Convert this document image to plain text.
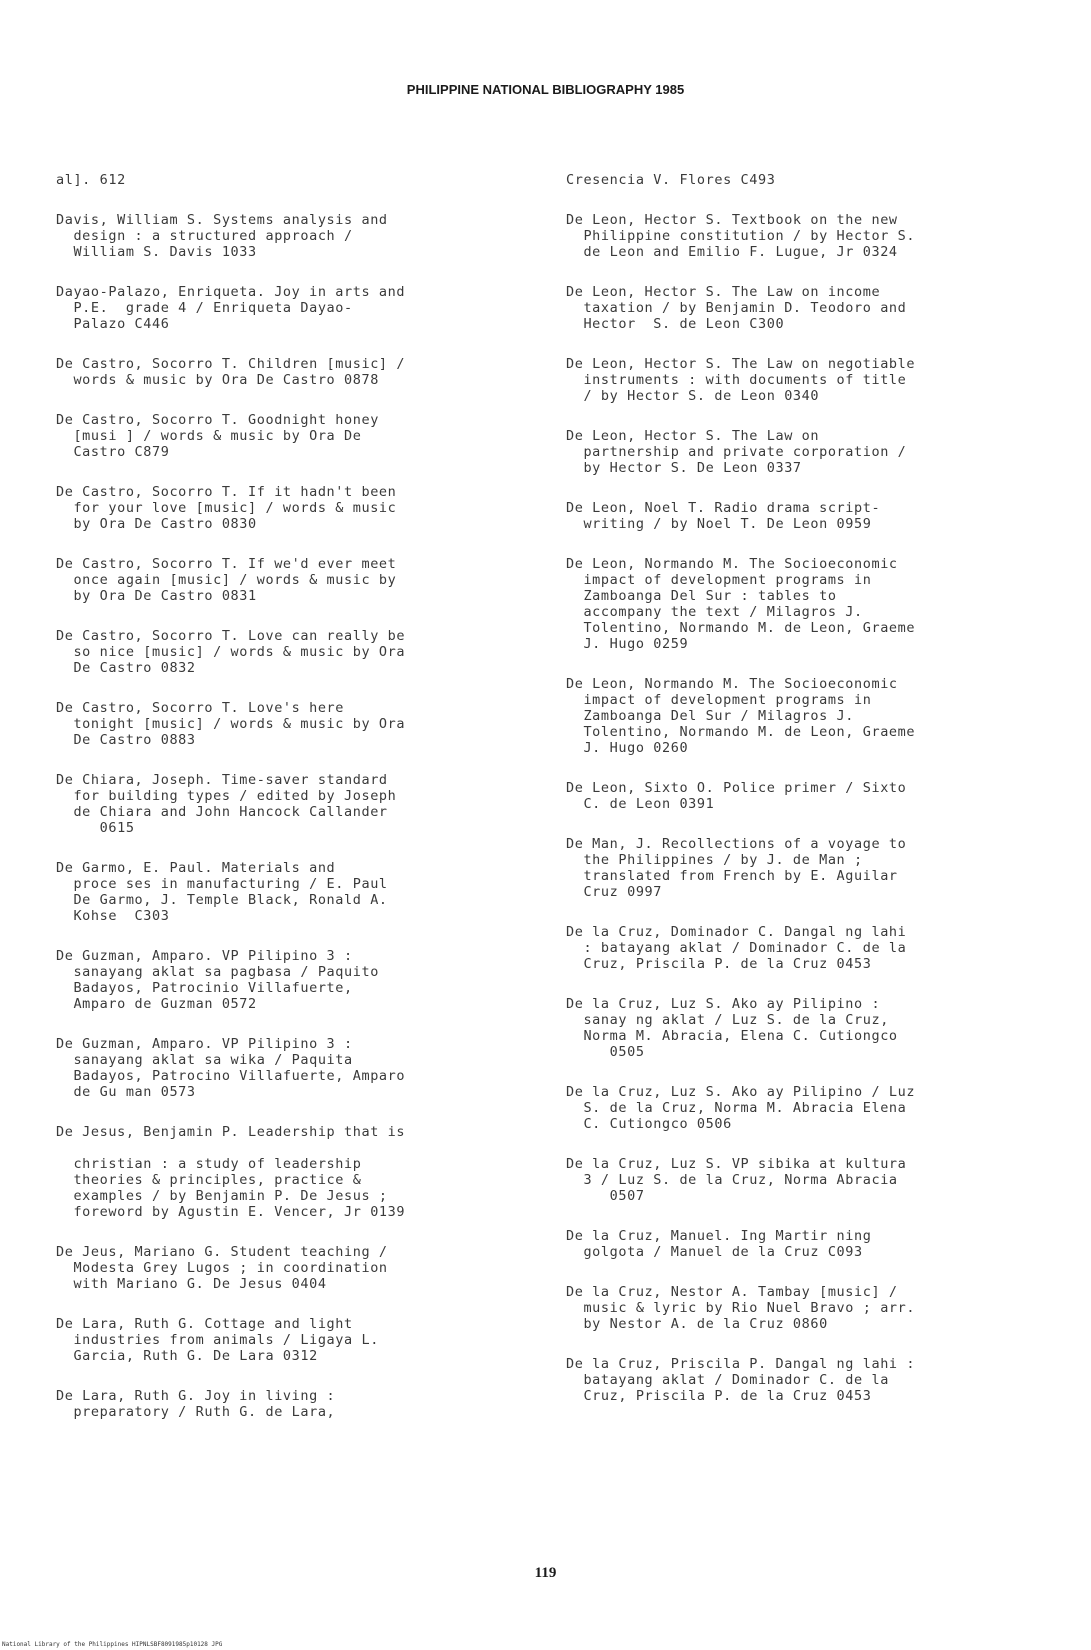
PHILIPPINE NATIONAL BIBLIOGRAPHY 1985
al]. 612
Davis, William S. Systems analysis and
design : a structured approach /
William S. Davis 1033
Dayao-Palazo, Enriqueta. Joy in arts and
P.E.  grade 4 / Enriqueta Dayao-
Palazo C446
De Castro, Socorro T. Children [music] /
words & music by Ora De Castro 0878
De Castro, Socorro T. Goodnight honey
[musi ] / words & music by Ora De
Castro C879
De Castro, Socorro T. If it hadn't been
for your love [music] / words & music
by Ora De Castro 0830
De Castro, Socorro T. If we'd ever meet
once again [music] / words & music by
by Ora De Castro 0831
De Castro, Socorro T. Love can really be
so nice [music] / words & music by Ora
De Castro 0832
De Castro, Socorro T. Love's here
tonight [music] / words & music by Ora
De Castro 0883
De Chiara, Joseph. Time-saver standard
for building types / edited by Joseph
de Chiara and John Hancock Callander
0615
De Garmo, E. Paul. Materials and
proce ses in manufacturing / E. Paul
De Garmo, J. Temple Black, Ronald A.
Kohse  C303
De Guzman, Amparo. VP Pilipino 3 :
sanayang aklat sa pagbasa / Paquito
Badayos, Patrocinio Villafuerte,
Amparo de Guzman 0572
De Guzman, Amparo. VP Pilipino 3 :
sanayang aklat sa wika / Paquita
Badayos, Patrocino Villafuerte, Amparo
de Gu man 0573
De Jesus, Benjamin P. Leadership that is

christian : a study of leadership
theories & principles, practice &
examples / by Benjamin P. De Jesus ;
foreword by Agustin E. Vencer, Jr 0139
De Jeus, Mariano G. Student teaching /
Modesta Grey Lugos ; in coordination
with Mariano G. De Jesus 0404
De Lara, Ruth G. Cottage and light
industries from animals / Ligaya L.
Garcia, Ruth G. De Lara 0312
De Lara, Ruth G. Joy in living :
preparatory / Ruth G. de Lara,
Cresencia V. Flores C493
De Leon, Hector S. Textbook on the new
Philippine constitution / by Hector S.
de Leon and Emilio F. Lugue, Jr 0324
De Leon, Hector S. The Law on income
taxation / by Benjamin D. Teodoro and
Hector  S. de Leon C300
De Leon, Hector S. The Law on negotiable
instruments : with documents of title
/ by Hector S. de Leon 0340
De Leon, Hector S. The Law on
partnership and private corporation /
by Hector S. De Leon 0337
De Leon, Noel T. Radio drama script-
writing / by Noel T. De Leon 0959
De Leon, Normando M. The Socioeconomic
impact of development programs in
Zamboanga Del Sur : tables to
accompany the text / Milagros J.
Tolentino, Normando M. de Leon, Graeme
J. Hugo 0259
De Leon, Normando M. The Socioeconomic
impact of development programs in
Zamboanga Del Sur / Milagros J.
Tolentino, Normando M. de Leon, Graeme
J. Hugo 0260
De Leon, Sixto O. Police primer / Sixto
C. de Leon 0391
De Man, J. Recollections of a voyage to
the Philippines / by J. de Man ;
translated from French by E. Aguilar
Cruz 0997
De la Cruz, Dominador C. Dangal ng lahi
: batayang aklat / Dominador C. de la
Cruz, Priscila P. de la Cruz 0453
De la Cruz, Luz S. Ako ay Pilipino :
sanay ng aklat / Luz S. de la Cruz,
Norma M. Abracia, Elena C. Cutiongco
0505
De la Cruz, Luz S. Ako ay Pilipino / Luz
S. de la Cruz, Norma M. Abracia Elena
C. Cutiongco 0506
De la Cruz, Luz S. VP sibika at kultura
3 / Luz S. de la Cruz, Norma Abracia
0507
De la Cruz, Manuel. Ing Martir ning
golgota / Manuel de la Cruz C093
De la Cruz, Nestor A. Tambay [music] /
music & lyric by Rio Nuel Bravo ; arr.
by Nestor A. de la Cruz 0860
De la Cruz, Priscila P. Dangal ng lahi :
batayang aklat / Dominador C. de la
Cruz, Priscila P. de la Cruz 0453
119
National Library of the Philippines HIPNLSBF8091985p10128 JPG
